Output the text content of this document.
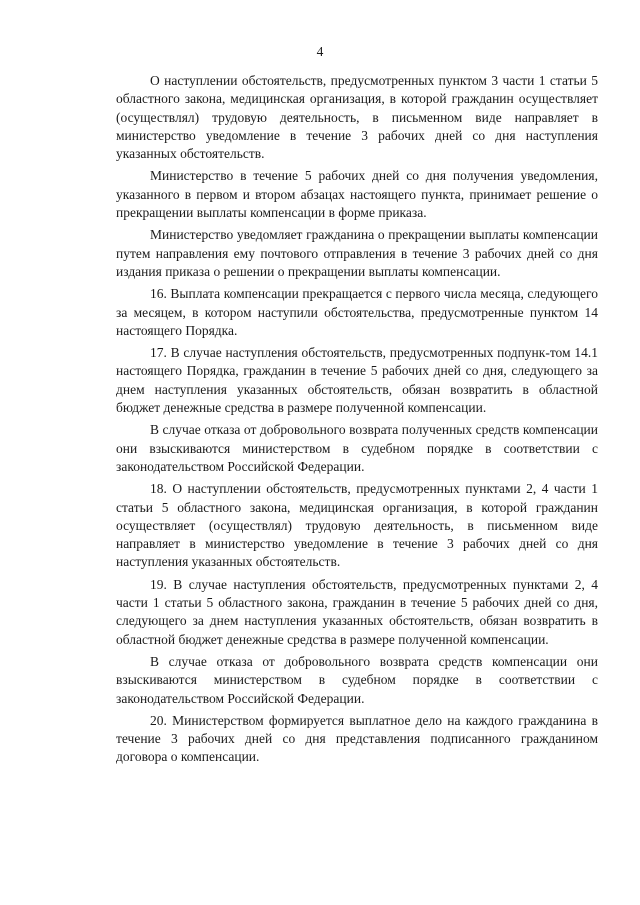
4

О наступлении обстоятельств, предусмотренных пунктом 3 части 1 статьи 5 областного закона, медицинская организация, в которой гражданин осуществляет (осуществлял) трудовую деятельность, в письменном виде направляет в министерство уведомление в течение 3 рабочих дней со дня наступления указанных обстоятельств.

Министерство в течение 5 рабочих дней со дня получения уведомления, указанного в первом и втором абзацах настоящего пункта, принимает решение о прекращении выплаты компенсации в форме приказа.

Министерство уведомляет гражданина о прекращении выплаты компенсации путем направления ему почтового отправления в течение 3 рабочих дней со дня издания приказа о решении о прекращении выплаты компенсации.

16. Выплата компенсации прекращается с первого числа месяца, следующего за месяцем, в котором наступили обстоятельства, предусмотренные пунктом 14 настоящего Порядка.

17. В случае наступления обстоятельств, предусмотренных подпунк-том 14.1 настоящего Порядка, гражданин в течение 5 рабочих дней со дня, следующего за днем наступления указанных обстоятельств, обязан возвратить в областной бюджет денежные средства в размере полученной компенсации.

В случае отказа от добровольного возврата полученных средств компенсации они взыскиваются министерством в судебном порядке в соответствии с законодательством Российской Федерации.

18. О наступлении обстоятельств, предусмотренных пунктами 2, 4 части 1 статьи 5 областного закона, медицинская организация, в которой гражданин осуществляет (осуществлял) трудовую деятельность, в письменном виде направляет в министерство уведомление в течение 3 рабочих дней со дня наступления указанных обстоятельств.

19. В случае наступления обстоятельств, предусмотренных пунктами 2, 4 части 1 статьи 5 областного закона, гражданин в течение 5 рабочих дней со дня, следующего за днем наступления указанных обстоятельств, обязан возвратить в областной бюджет денежные средства в размере полученной компенсации.

В случае отказа от добровольного возврата средств компенсации они взыскиваются министерством в судебном порядке в соответствии с законодательством Российской Федерации.

20. Министерством формируется выплатное дело на каждого гражданина в течение 3 рабочих дней со дня представления подписанного гражданином договора о компенсации.
